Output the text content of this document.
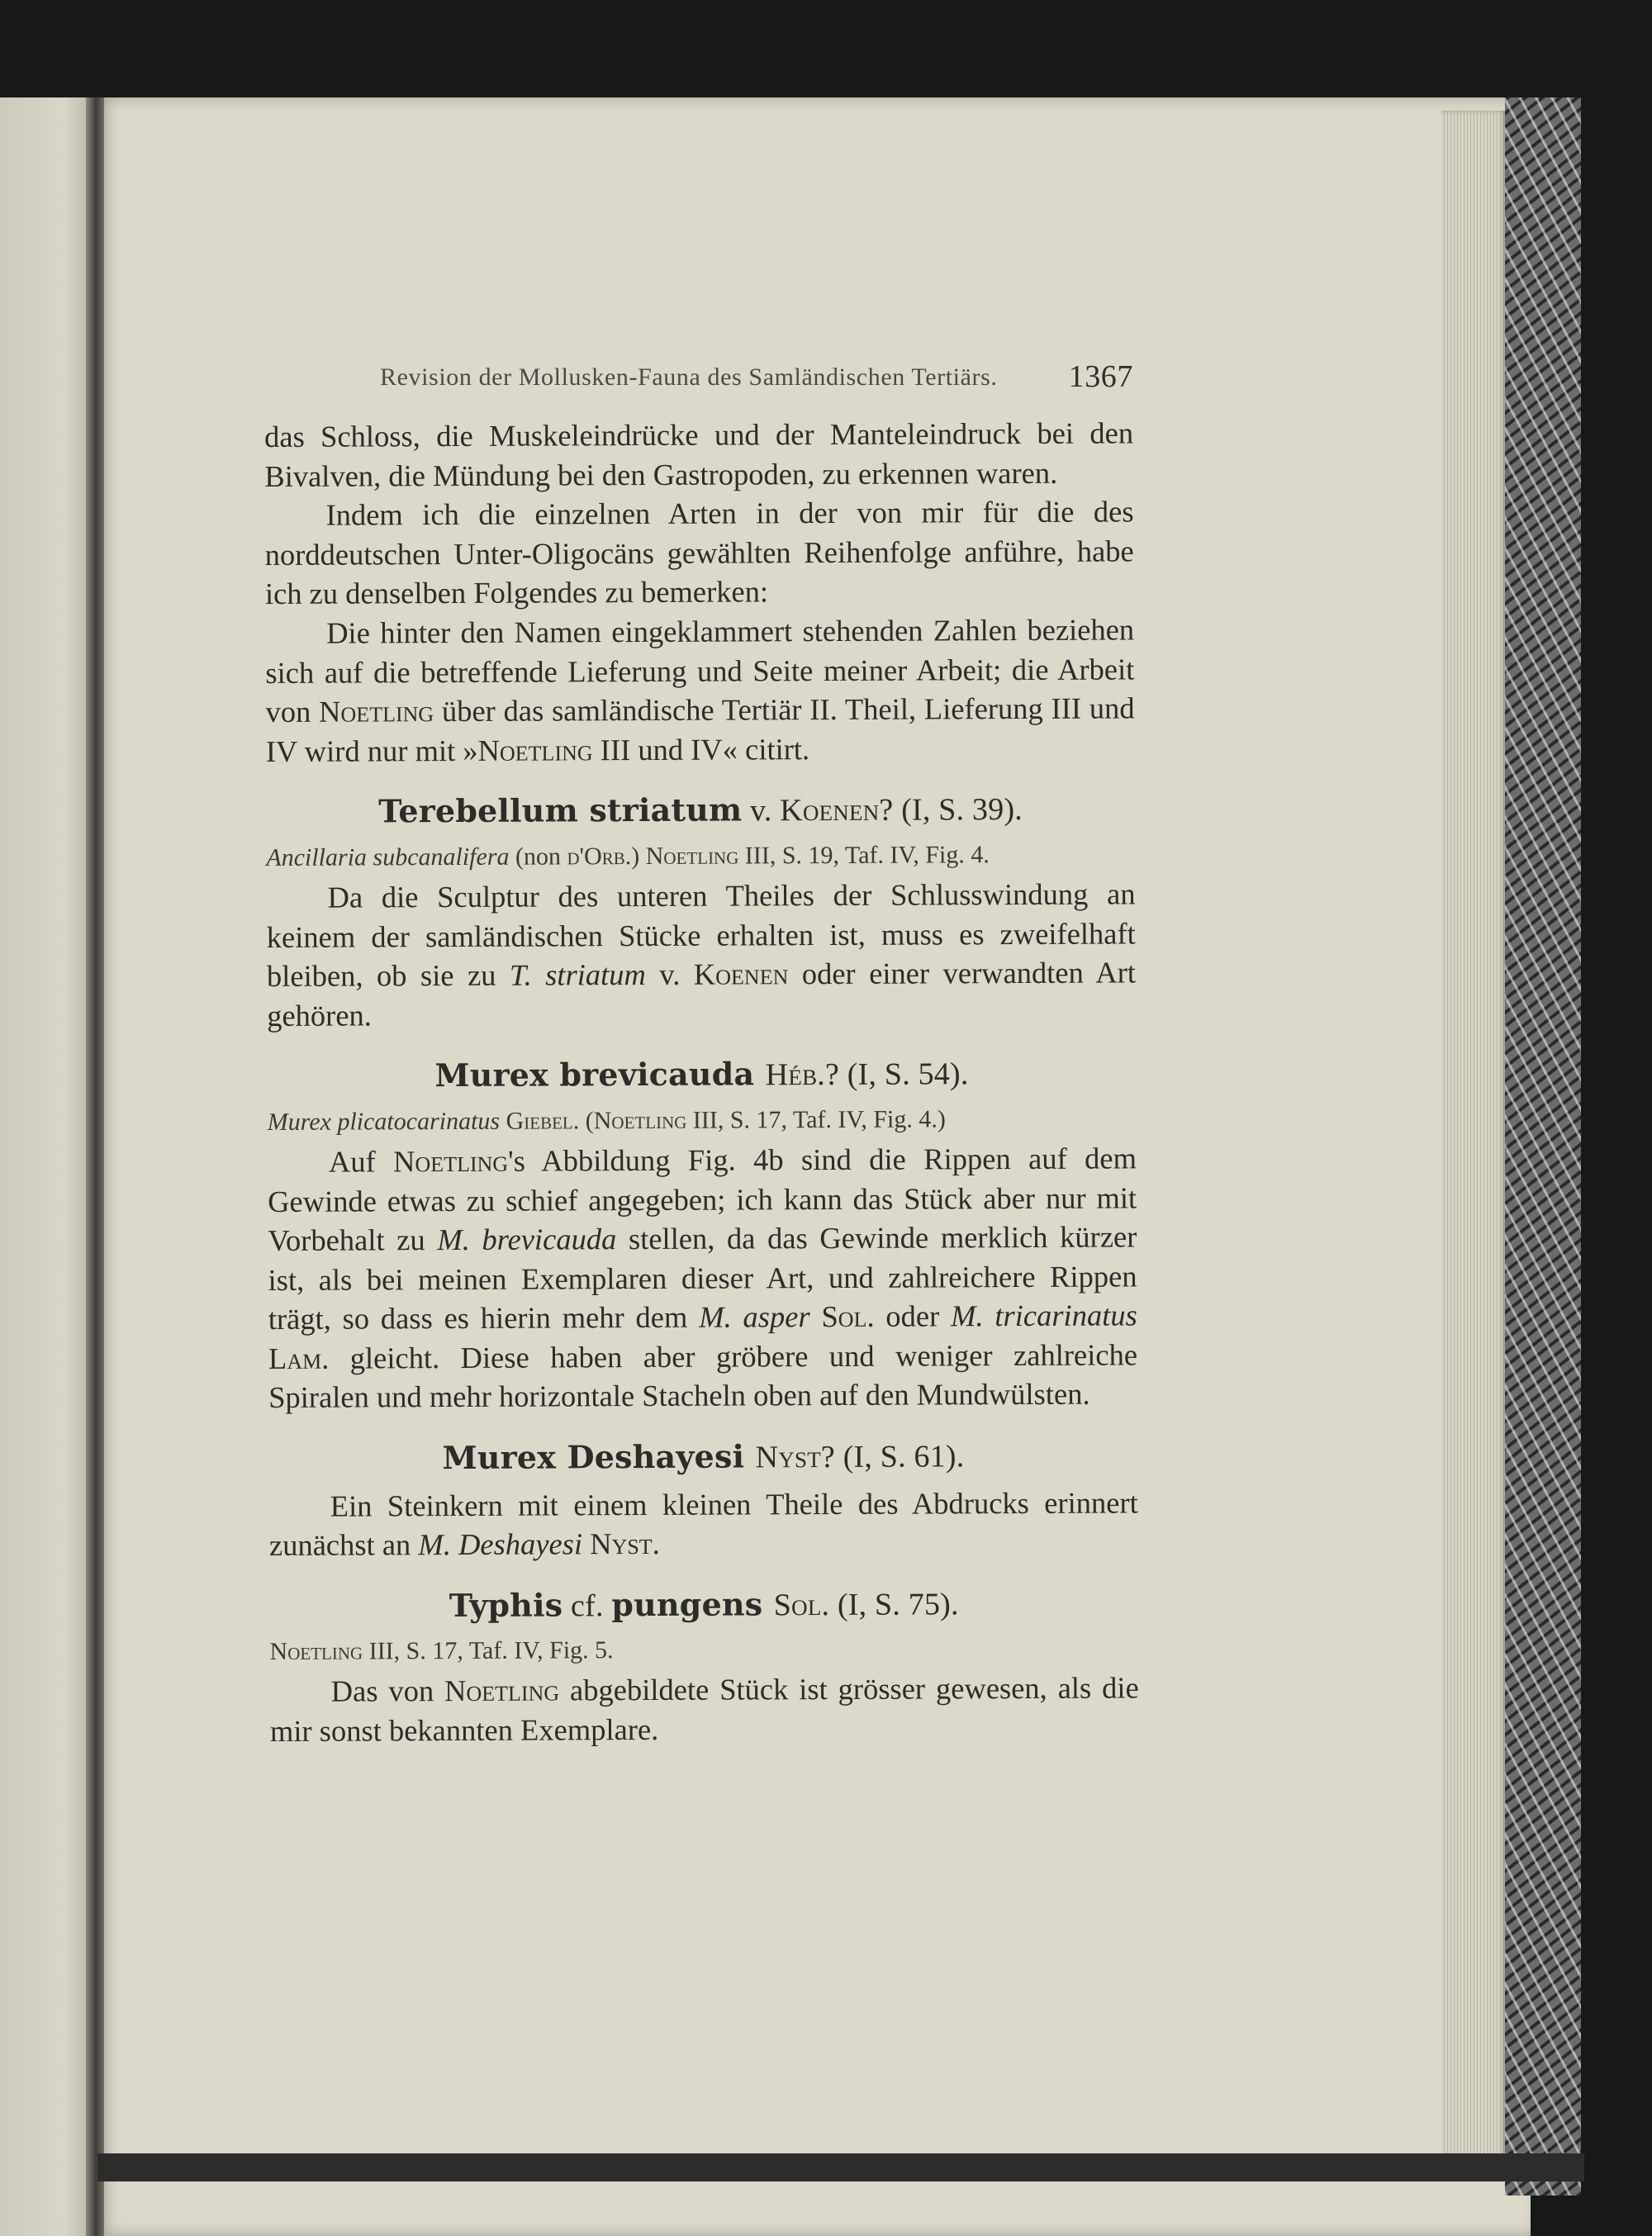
Revision der Mollusken-Fauna des Samländischen Tertiärs. 1367

das Schloss, die Muskeleindrücke und der Manteleindruck bei den Bivalven, die Mündung bei den Gastropoden, zu erkennen waren.

Indem ich die einzelnen Arten in der von mir für die des norddeutschen Unter-Oligocäns gewählten Reihenfolge anführe, habe ich zu denselben Folgendes zu bemerken:

Die hinter den Namen eingeklammert stehenden Zahlen beziehen sich auf die betreffende Lieferung und Seite meiner Arbeit; die Arbeit von Noetling über das samländische Tertiär II. Theil, Lieferung III und IV wird nur mit »Noetling III und IV« citirt.

Terebellum striatum v. Koenen? (I, S. 39).

Ancillaria subcanalifera (non d'Orb.) Noetling III, S. 19, Taf. IV, Fig. 4.

Da die Sculptur des unteren Theiles der Schlusswindung an keinem der samländischen Stücke erhalten ist, muss es zweifelhaft bleiben, ob sie zu T. striatum v. Koenen oder einer verwandten Art gehören.

Murex brevicauda Héb.? (I, S. 54).

Murex plicatocarinatus Giebel. (Noetling III, S. 17, Taf. IV, Fig. 4.)

Auf Noetling's Abbildung Fig. 4b sind die Rippen auf dem Gewinde etwas zu schief angegeben; ich kann das Stück aber nur mit Vorbehalt zu M. brevicauda stellen, da das Gewinde merklich kürzer ist, als bei meinen Exemplaren dieser Art, und zahlreichere Rippen trägt, so dass es hierin mehr dem M. asper Sol. oder M. tricarinatus Lam. gleicht. Diese haben aber gröbere und weniger zahlreiche Spiralen und mehr horizontale Stacheln oben auf den Mundwülsten.

Murex Deshayesi Nyst? (I, S. 61).

Ein Steinkern mit einem kleinen Theile des Abdrucks erinnert zunächst an M. Deshayesi Nyst.

Typhis cf. pungens Sol. (I, S. 75).

Noetling III, S. 17, Taf. IV, Fig. 5.

Das von Noetling abgebildete Stück ist grösser gewesen, als die mir sonst bekannten Exemplare.
